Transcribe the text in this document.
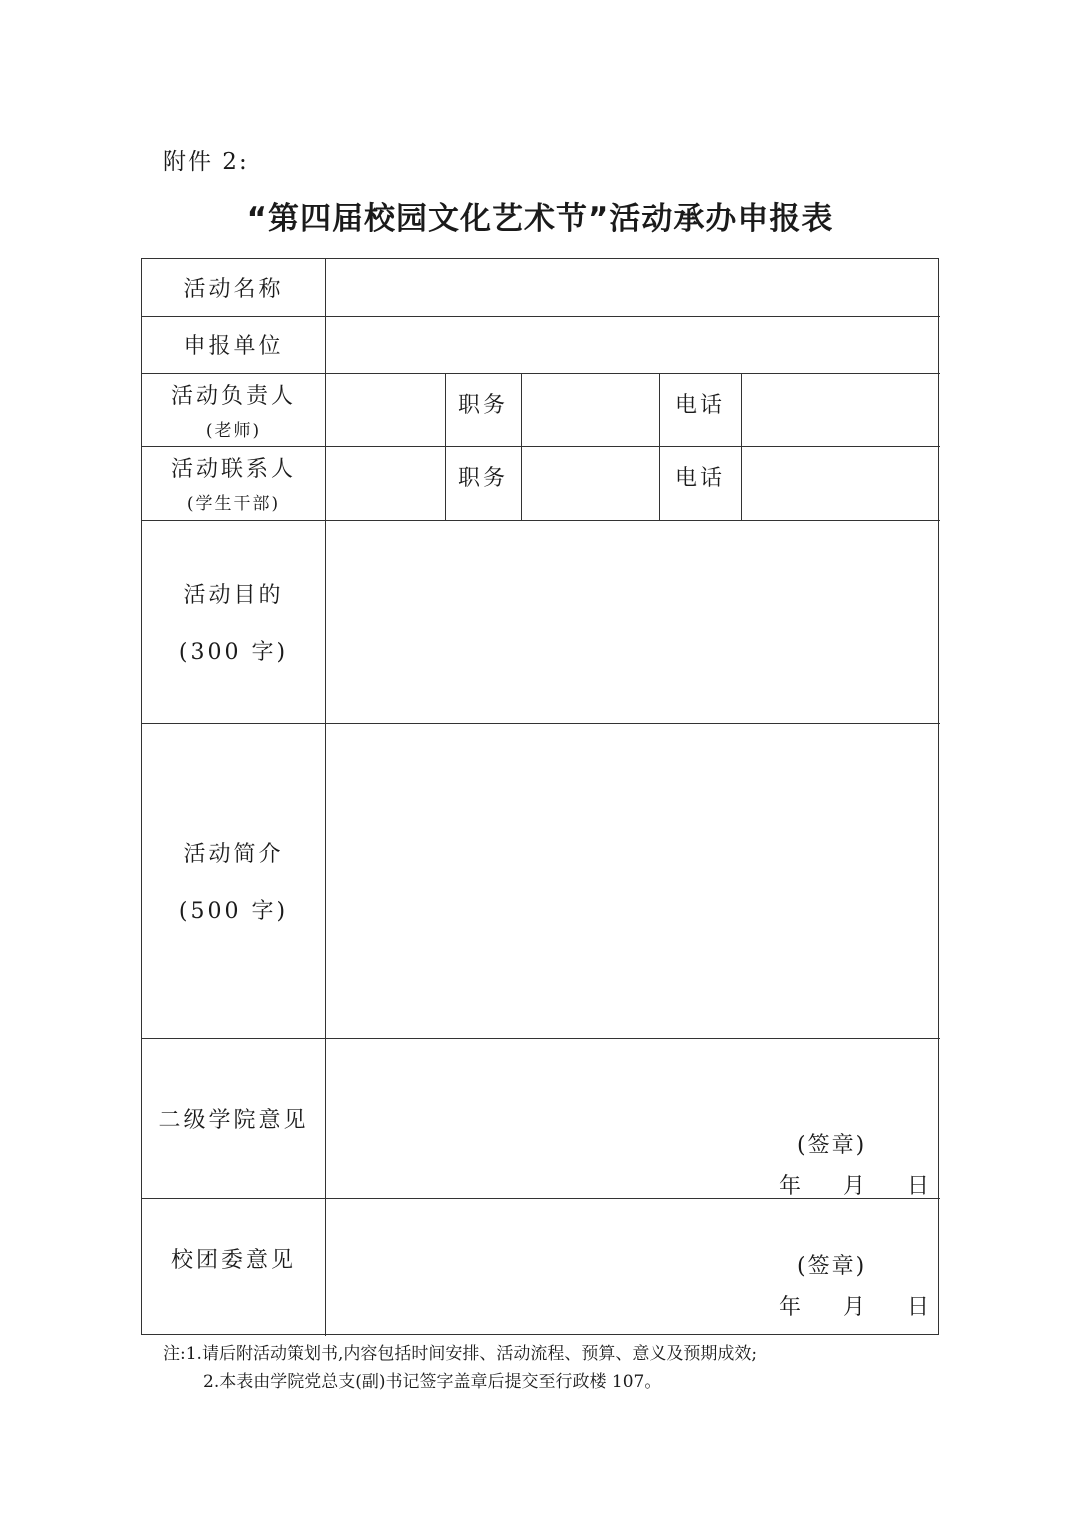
附件 2:
“第四届校园文化艺术节”活动承办申报表
活动名称
申报单位
活动负责人
(老师)
活动联系人
(学生干部)
职务	电话
职务	电话
活动目的
(300 字)
活动简介
(500 字)
二级学院意见
校团委意见
(签章)
年 月 日
(签章)
年 月 日
注:1.请后附活动策划书,内容包括时间安排、活动流程、预算、意义及预期成效;
2.本表由学院党总支(副)书记签字盖章后提交至行政楼 107。
